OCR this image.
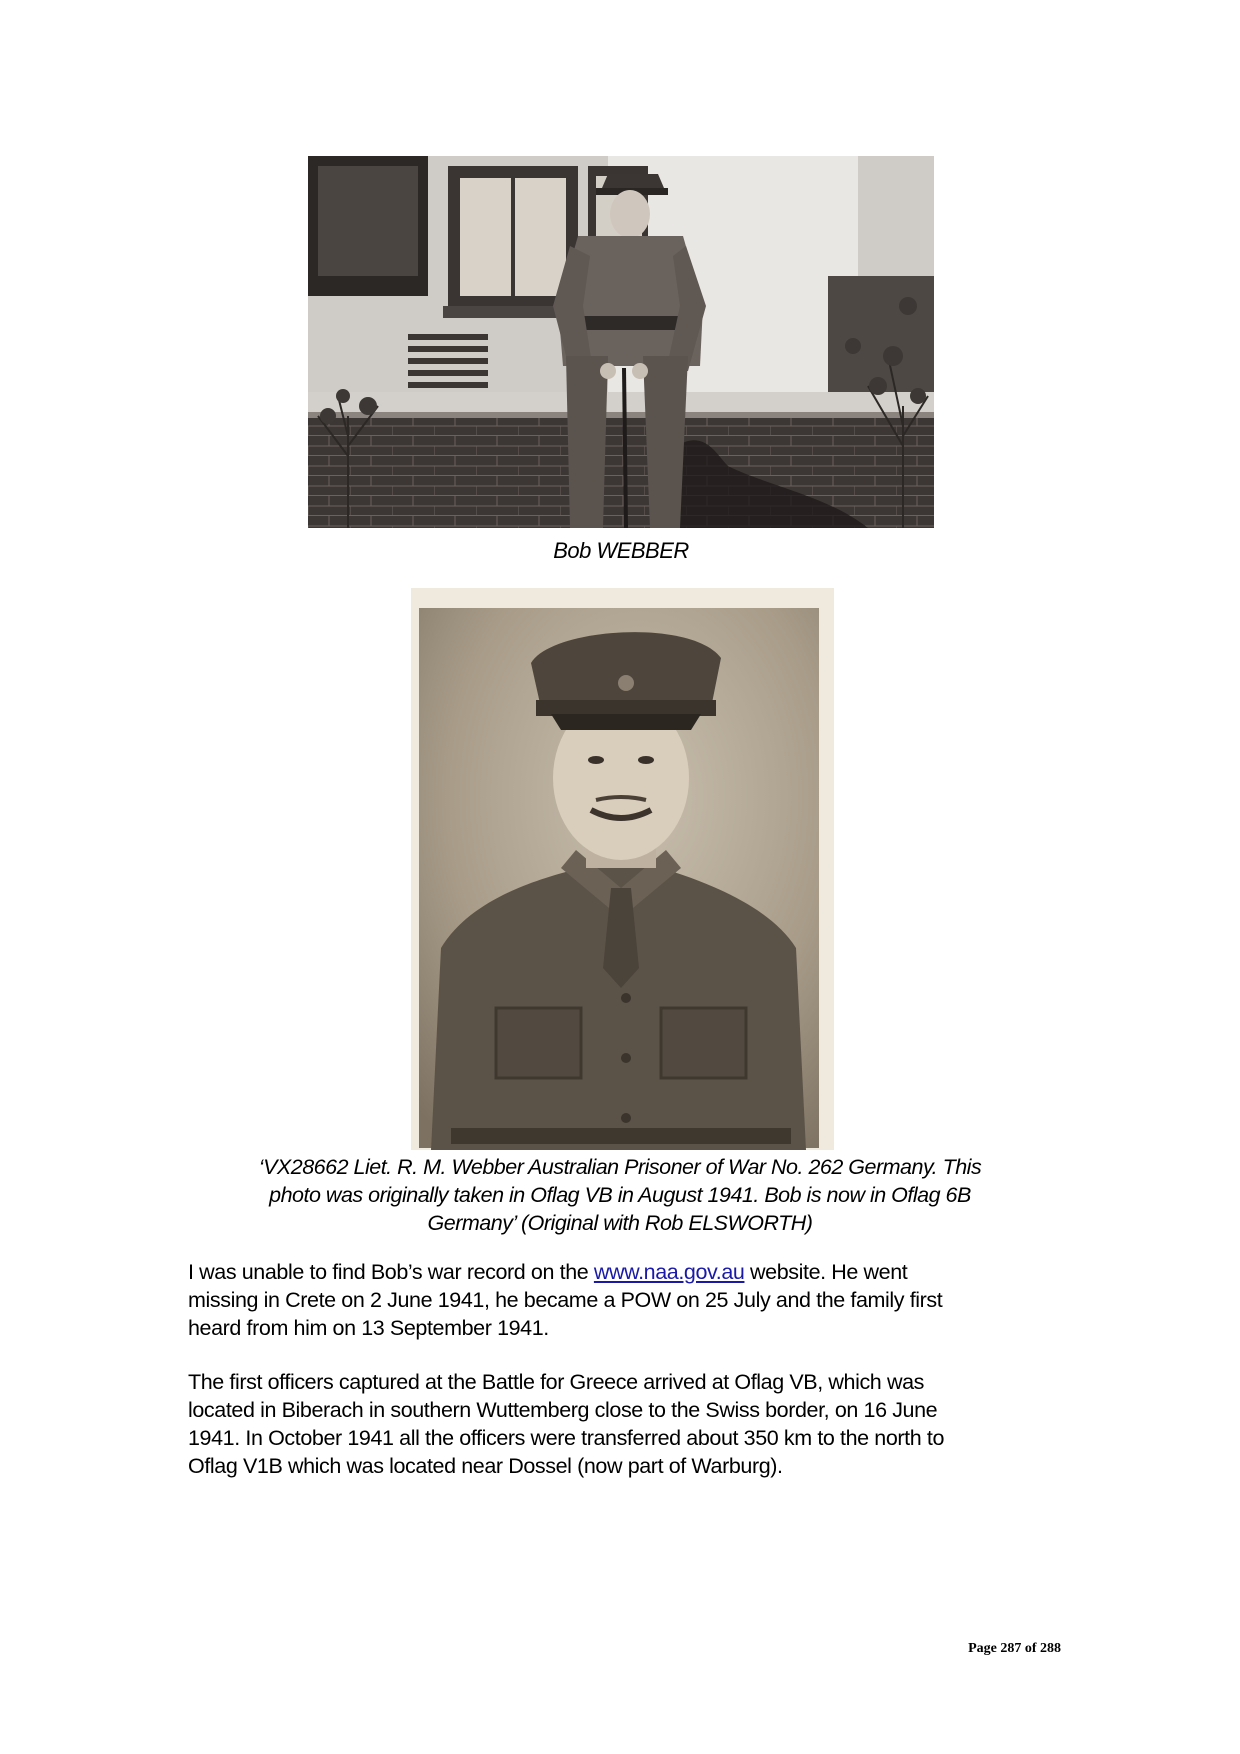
Bob WEBBER
‘VX28662 Liet. R. M. Webber Australian Prisoner of War No. 262 Germany. This
photo was originally taken in Oflag VB in August 1941. Bob is now in Oflag 6B
Germany’ (Original with Rob ELSWORTH)
I was unable to find Bob’s war record on the www.naa.gov.au website. He went
missing in Crete on 2 June 1941, he became a POW on 25 July and the family first
heard from him on 13 September 1941.
The first officers captured at the Battle for Greece arrived at Oflag VB, which was
located in Biberach in southern Wuttemberg close to the Swiss border, on 16 June
1941. In October 1941 all the officers were transferred about 350 km to the north to
Oflag V1B which was located near Dossel (now part of Warburg).
Page 287 of 288
